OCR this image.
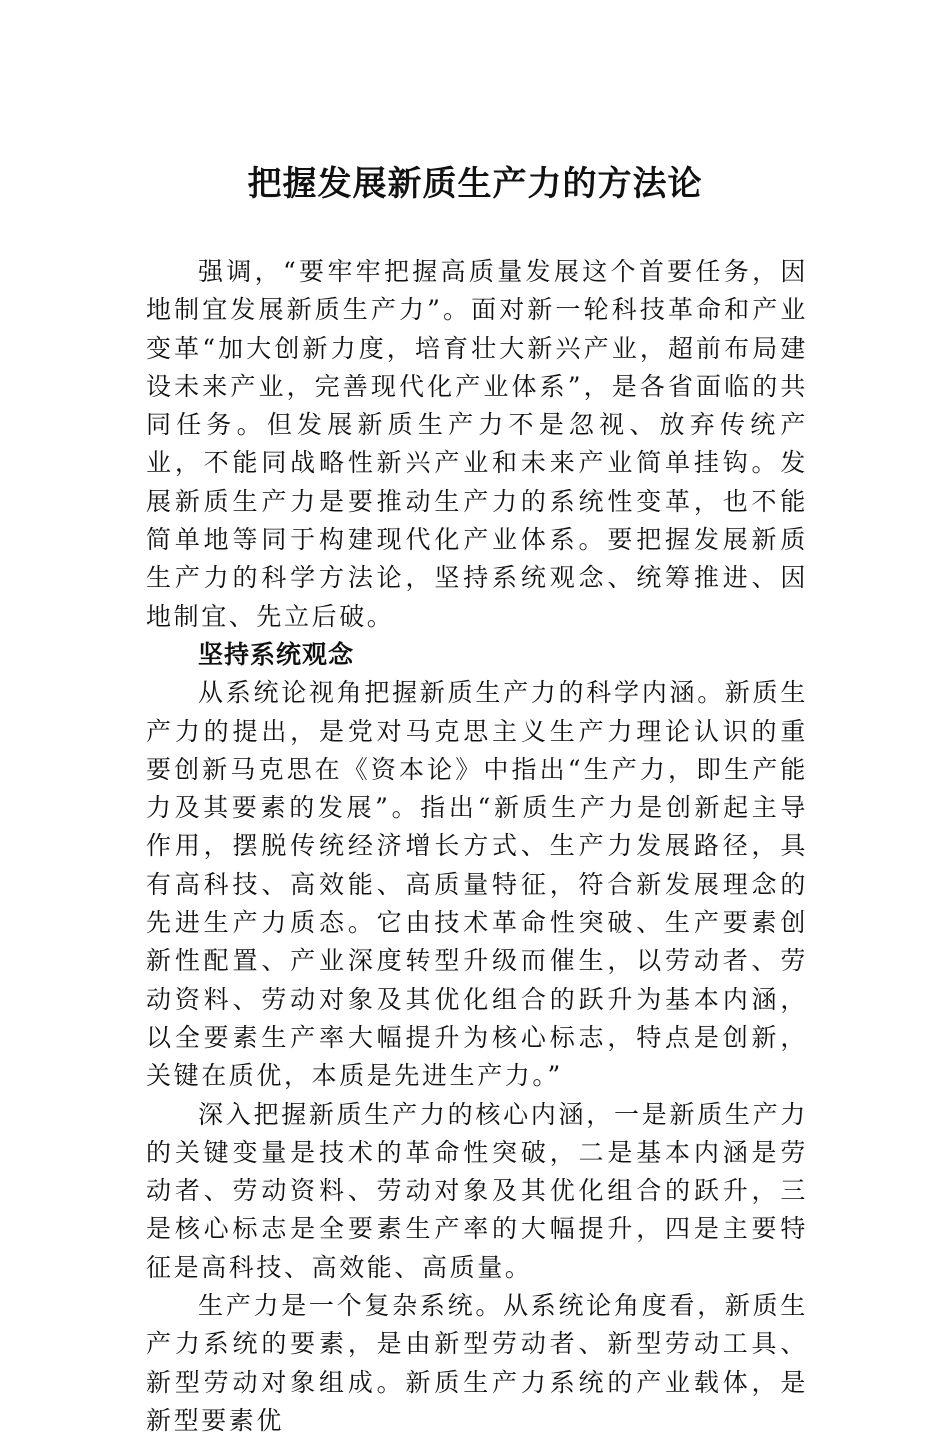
把握发展新质生产力的方法论

强调，“要牢牢把握高质量发展这个首要任务，因地制宜发展新质生产力”。面对新一轮科技革命和产业变革“加大创新力度，培育壮大新兴产业，超前布局建设未来产业，完善现代化产业体系”，是各省面临的共同任务。但发展新质生产力不是忽视、放弃传统产业，不能同战略性新兴产业和未来产业简单挂钩。发展新质生产力是要推动生产力的系统性变革，也不能简单地等同于构建现代化产业体系。要把握发展新质生产力的科学方法论，坚持系统观念、统筹推进、因地制宜、先立后破。

坚持系统观念

从系统论视角把握新质生产力的科学内涵。新质生产力的提出，是党对马克思主义生产力理论认识的重要创新马克思在《资本论》中指出“生产力，即生产能力及其要素的发展”。指出“新质生产力是创新起主导作用，摆脱传统经济增长方式、生产力发展路径，具有高科技、高效能、高质量特征，符合新发展理念的先进生产力质态。它由技术革命性突破、生产要素创新性配置、产业深度转型升级而催生，以劳动者、劳动资料、劳动对象及其优化组合的跃升为基本内涵，以全要素生产率大幅提升为核心标志，特点是创新，关键在质优，本质是先进生产力。”

深入把握新质生产力的核心内涵，一是新质生产力的关键变量是技术的革命性突破，二是基本内涵是劳动者、劳动资料、劳动对象及其优化组合的跃升，三是核心标志是全要素生产率的大幅提升，四是主要特征是高科技、高效能、高质量。

生产力是一个复杂系统。从系统论角度看，新质生产力系统的要素，是由新型劳动者、新型劳动工具、新型劳动对象组成。新质生产力系统的产业载体，是新型要素优
